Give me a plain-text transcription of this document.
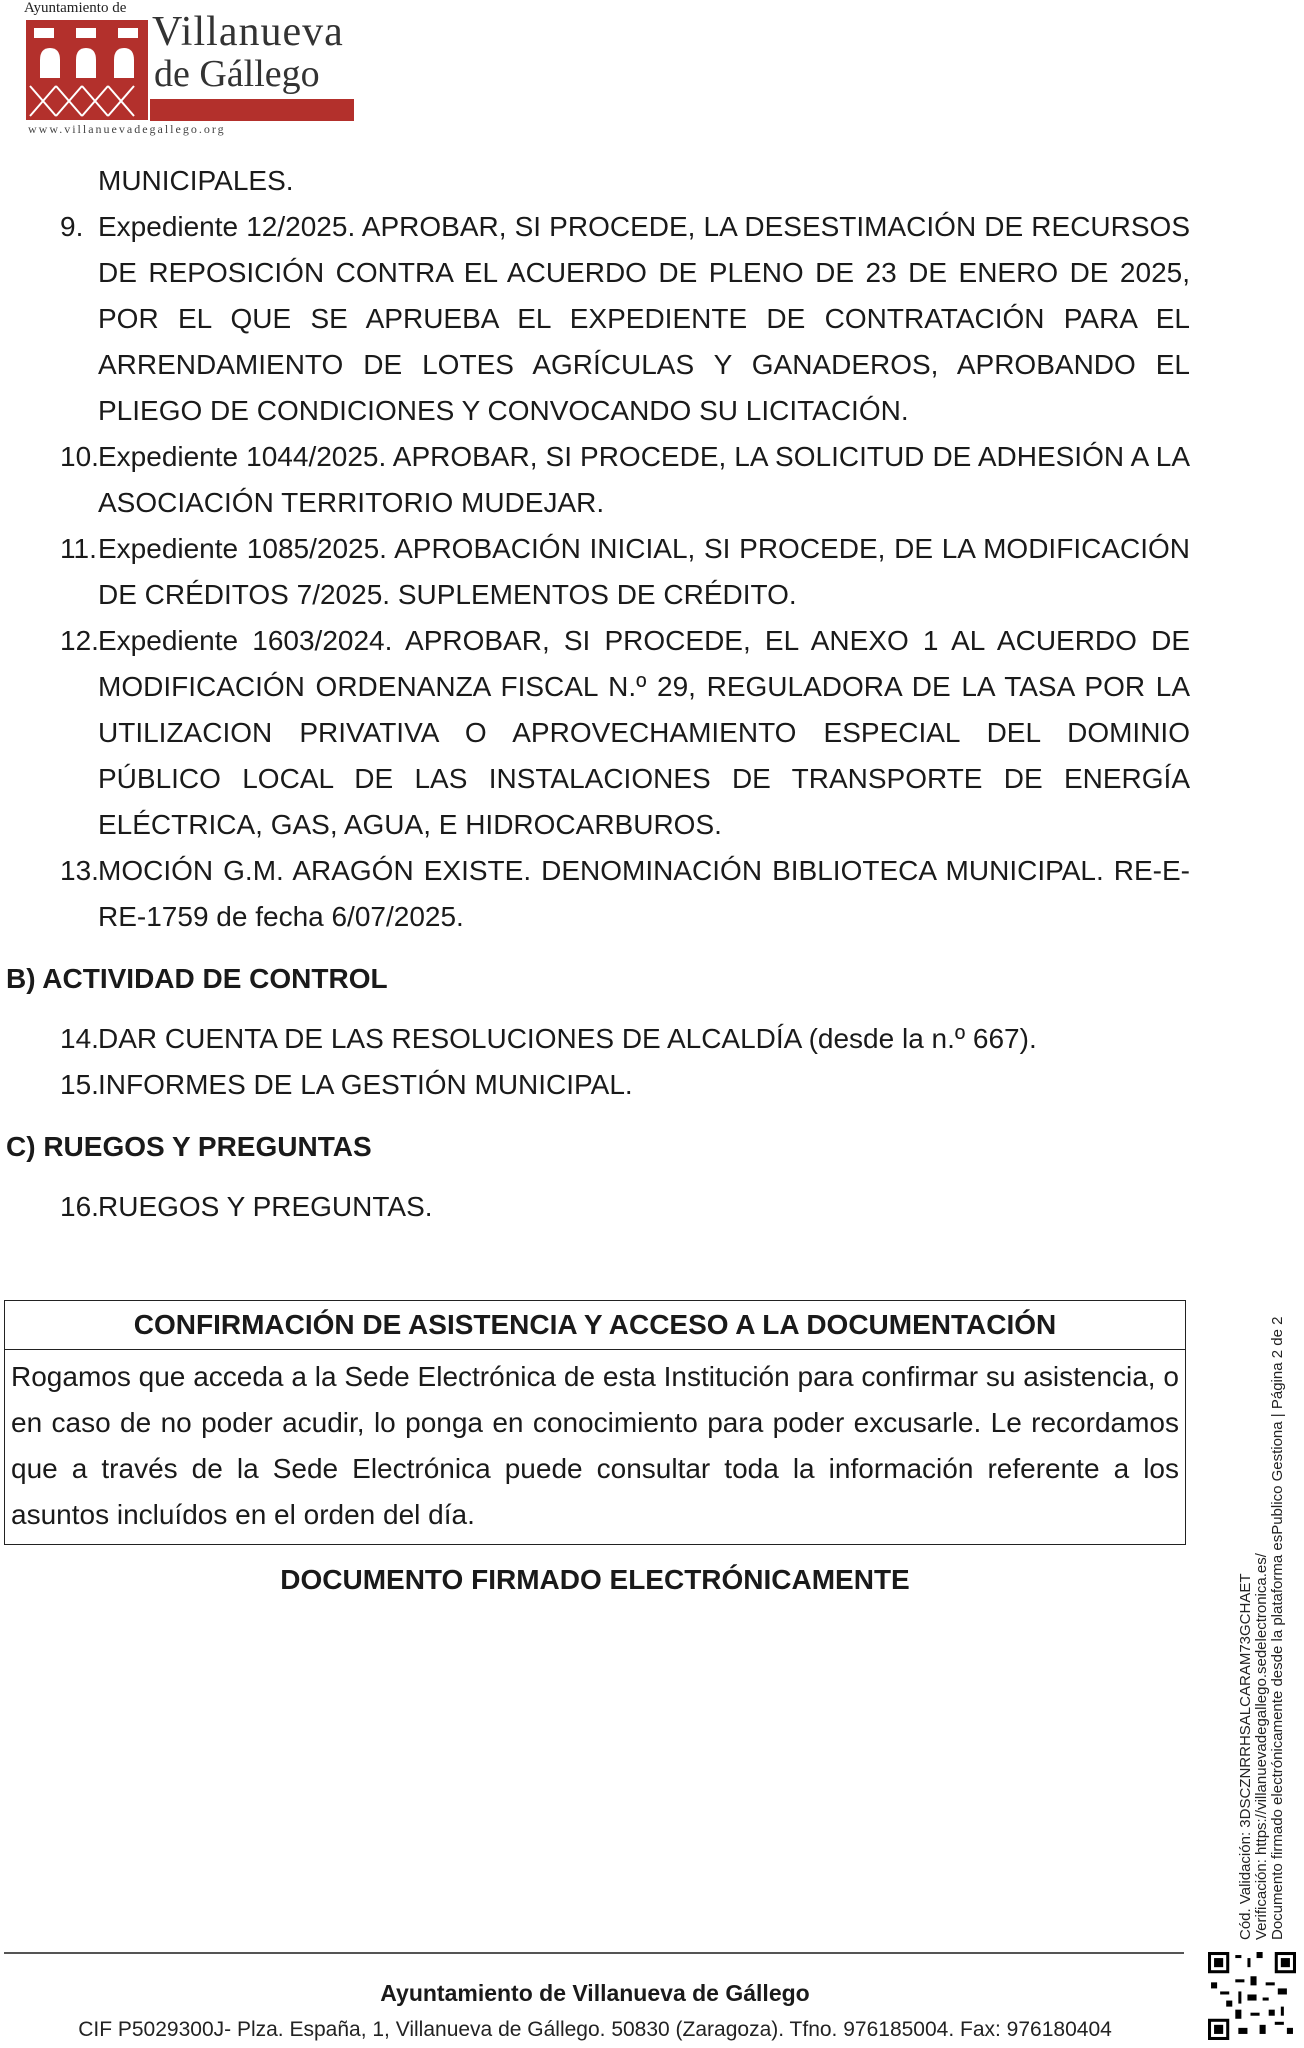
Ayuntamiento de
Villanueva
de Gállego
www.villanuevadegallego.org
MUNICIPALES.
9. Expediente 12/2025. APROBAR, SI PROCEDE, LA DESESTIMACIÓN DE RECURSOS DE REPOSICIÓN CONTRA EL ACUERDO DE PLENO DE 23 DE ENERO DE 2025, POR EL QUE SE APRUEBA EL EXPEDIENTE DE CONTRATACIÓN PARA EL ARRENDAMIENTO DE LOTES AGRÍCULAS Y GANADEROS, APROBANDO EL PLIEGO DE CONDICIONES Y CONVOCANDO SU LICITACIÓN.
10. Expediente 1044/2025. APROBAR, SI PROCEDE, LA SOLICITUD DE ADHESIÓN A LA ASOCIACIÓN TERRITORIO MUDEJAR.
11. Expediente 1085/2025. APROBACIÓN INICIAL, SI PROCEDE, DE LA MODIFICACIÓN DE CRÉDITOS 7/2025. SUPLEMENTOS DE CRÉDITO.
12. Expediente 1603/2024. APROBAR, SI PROCEDE, EL ANEXO 1 AL ACUERDO DE MODIFICACIÓN ORDENANZA FISCAL N.º 29, REGULADORA DE LA TASA POR LA UTILIZACION PRIVATIVA O APROVECHAMIENTO ESPECIAL DEL DOMINIO PÚBLICO LOCAL DE LAS INSTALACIONES DE TRANSPORTE DE ENERGÍA ELÉCTRICA, GAS, AGUA, E HIDROCARBUROS.
13. MOCIÓN G.M. ARAGÓN EXISTE. DENOMINACIÓN BIBLIOTECA MUNICIPAL. RE-E-RE-1759 de fecha 6/07/2025.
B) ACTIVIDAD DE CONTROL
14. DAR CUENTA DE LAS RESOLUCIONES DE ALCALDÍA (desde la n.º 667).
15. INFORMES DE LA GESTIÓN MUNICIPAL.
C) RUEGOS Y PREGUNTAS
16. RUEGOS Y PREGUNTAS.
CONFIRMACIÓN DE ASISTENCIA Y ACCESO A LA DOCUMENTACIÓN
Rogamos que acceda a la Sede Electrónica de esta Institución para confirmar su asistencia, o en caso de no poder acudir, lo ponga en conocimiento para poder excusarle. Le recordamos que a través de la Sede Electrónica puede consultar toda la información referente a los asuntos incluídos en el orden del día.
DOCUMENTO FIRMADO ELECTRÓNICAMENTE	Cód. Validación: 3DSCZNRRHSALCARAM73GCHAET Verificación: https://villanuevadegallego.sedelectronica.es/ Documento firmado electrónicamente desde la plataforma esPublico Gestiona | Página 2 de 2
Ayuntamiento de Villanueva de Gállego
CIF P5029300J- Plza. España, 1, Villanueva de Gállego. 50830 (Zaragoza). Tfno. 976185004. Fax: 976180404
